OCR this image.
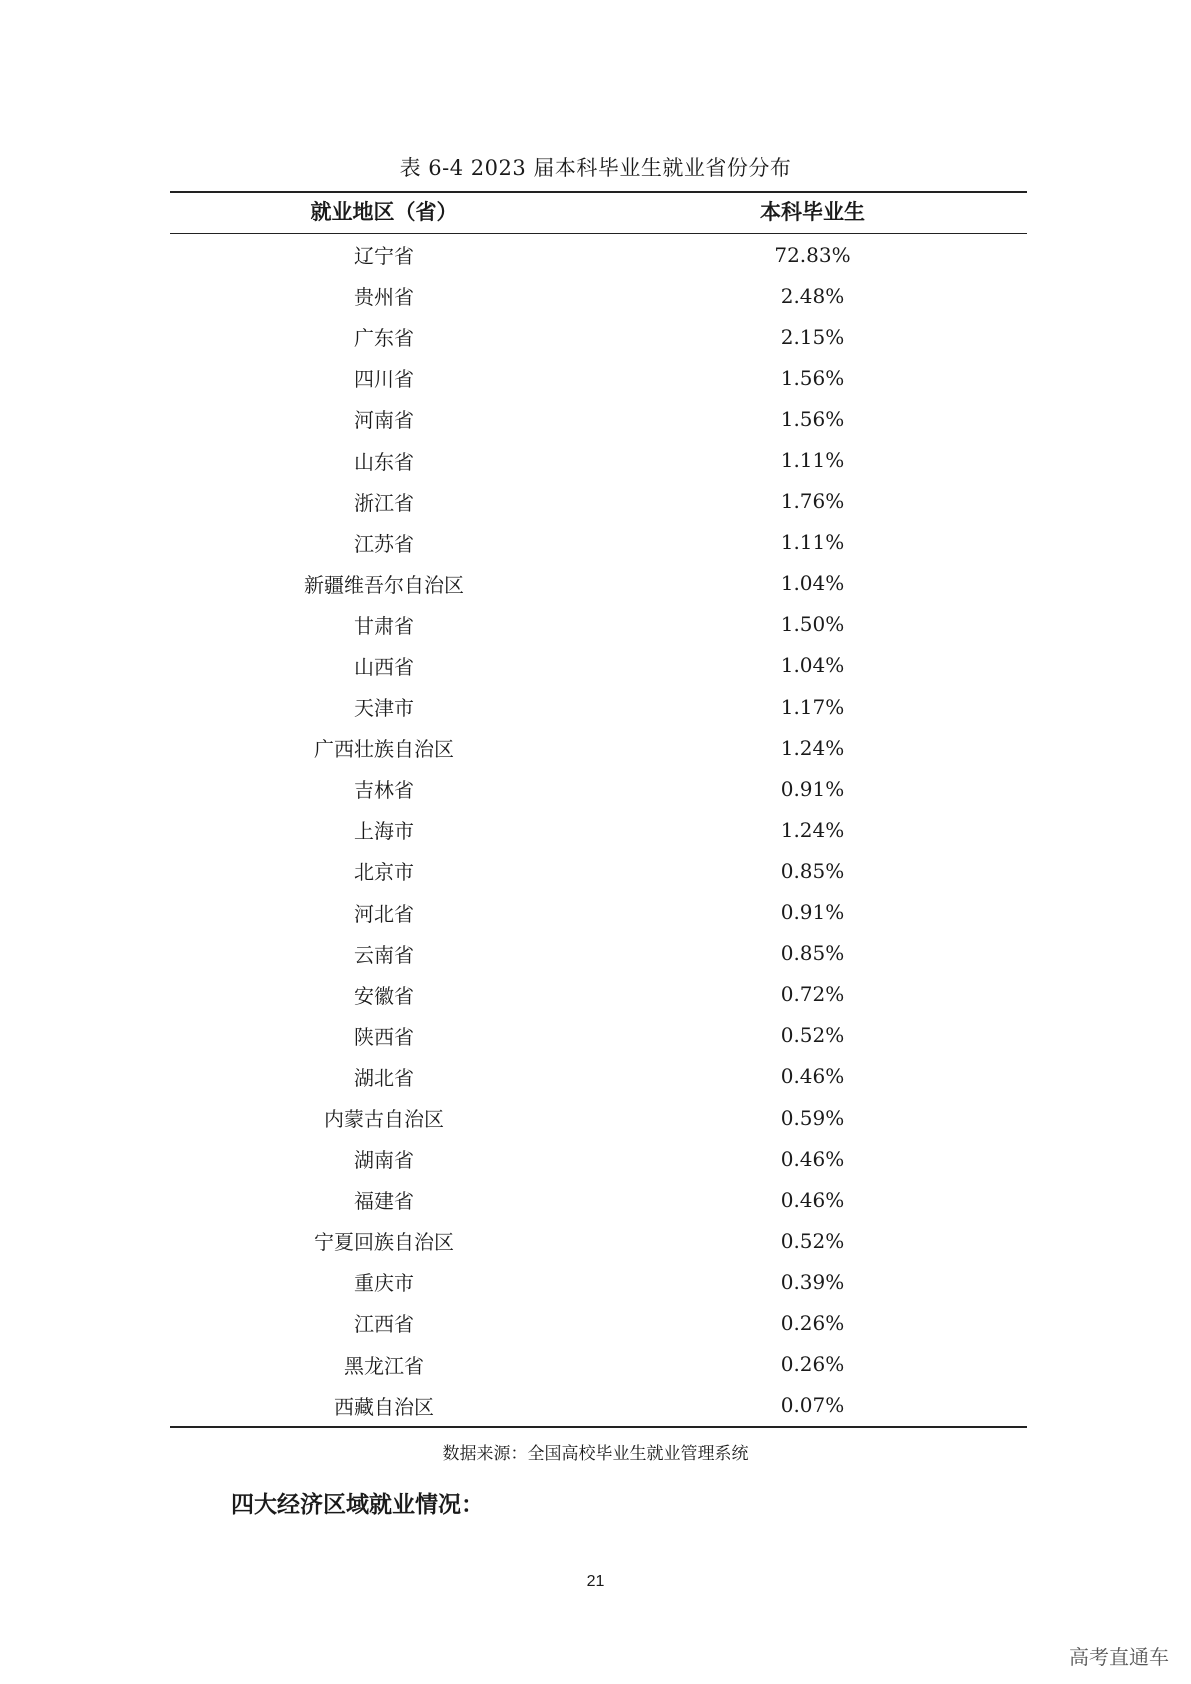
表 6-4 2023 届本科毕业生就业省份分布
就业地区（省）	本科毕业生
辽宁省	72.83%
贵州省	2.48%
广东省	2.15%
四川省	1.56%
河南省	1.56%
山东省	1.11%
浙江省	1.76%
江苏省	1.11%
新疆维吾尔自治区	1.04%
甘肃省	1.50%
山西省	1.04%
天津市	1.17%
广西壮族自治区	1.24%
吉林省	0.91%
上海市	1.24%
北京市	0.85%
河北省	0.91%
云南省	0.85%
安徽省	0.72%
陕西省	0.52%
湖北省	0.46%
内蒙古自治区	0.59%
湖南省	0.46%
福建省	0.46%
宁夏回族自治区	0.52%
重庆市	0.39%
江西省	0.26%
黑龙江省	0.26%
西藏自治区	0.07%
数据来源：全国高校毕业生就业管理系统
四大经济区域就业情况：
21
高考直通车
